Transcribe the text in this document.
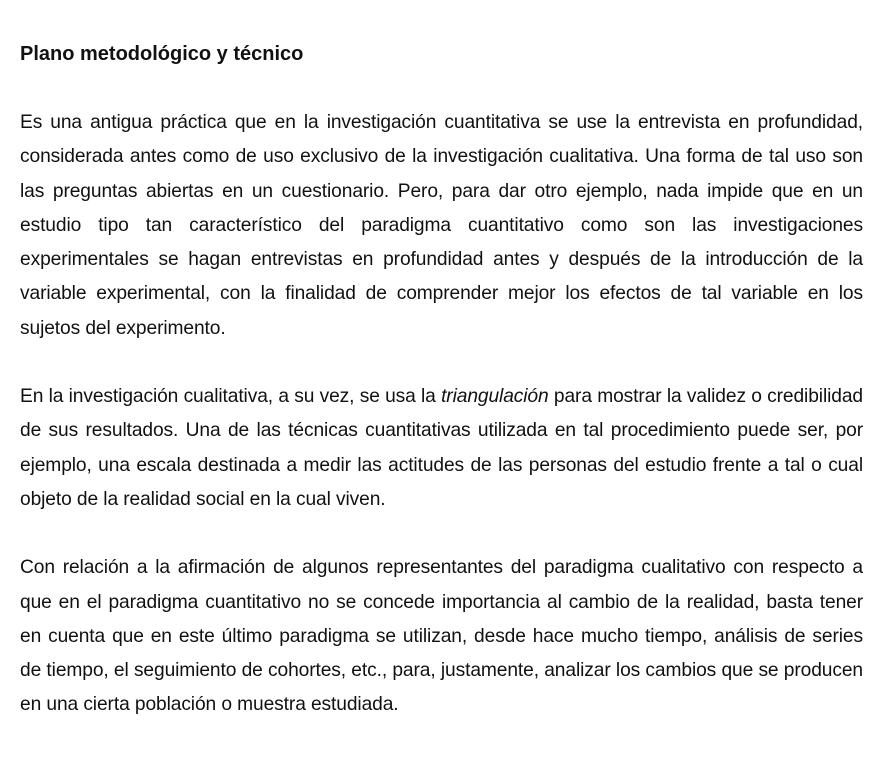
Plano metodológico y técnico

Es una antigua práctica que en la investigación cuantitativa se use la entrevista en profundidad, considerada antes como de uso exclusivo de la investigación cualitativa. Una forma de tal uso son las preguntas abiertas en un cuestionario. Pero, para dar otro ejemplo, nada impide que en un estudio tipo tan característico del paradigma cuantitativo como son las investigaciones experimentales se hagan entrevistas en profundidad antes y después de la introducción de la variable experimental, con la finalidad de comprender mejor los efectos de tal variable en los sujetos del experimento.

En la investigación cualitativa, a su vez, se usa la triangulación para mostrar la validez o credibilidad de sus resultados. Una de las técnicas cuantitativas utilizada en tal procedimiento puede ser, por ejemplo, una escala destinada a medir las actitudes de las personas del estudio frente a tal o cual objeto de la realidad social en la cual viven.

Con relación a la afirmación de algunos representantes del paradigma cualitativo con respecto a que en el paradigma cuantitativo no se concede importancia al cambio de la realidad, basta tener en cuenta que en este último paradigma se utilizan, desde hace mucho tiempo, análisis de series de tiempo, el seguimiento de cohortes, etc., para, justamente, analizar los cambios que se producen en una cierta población o muestra estudiada.
